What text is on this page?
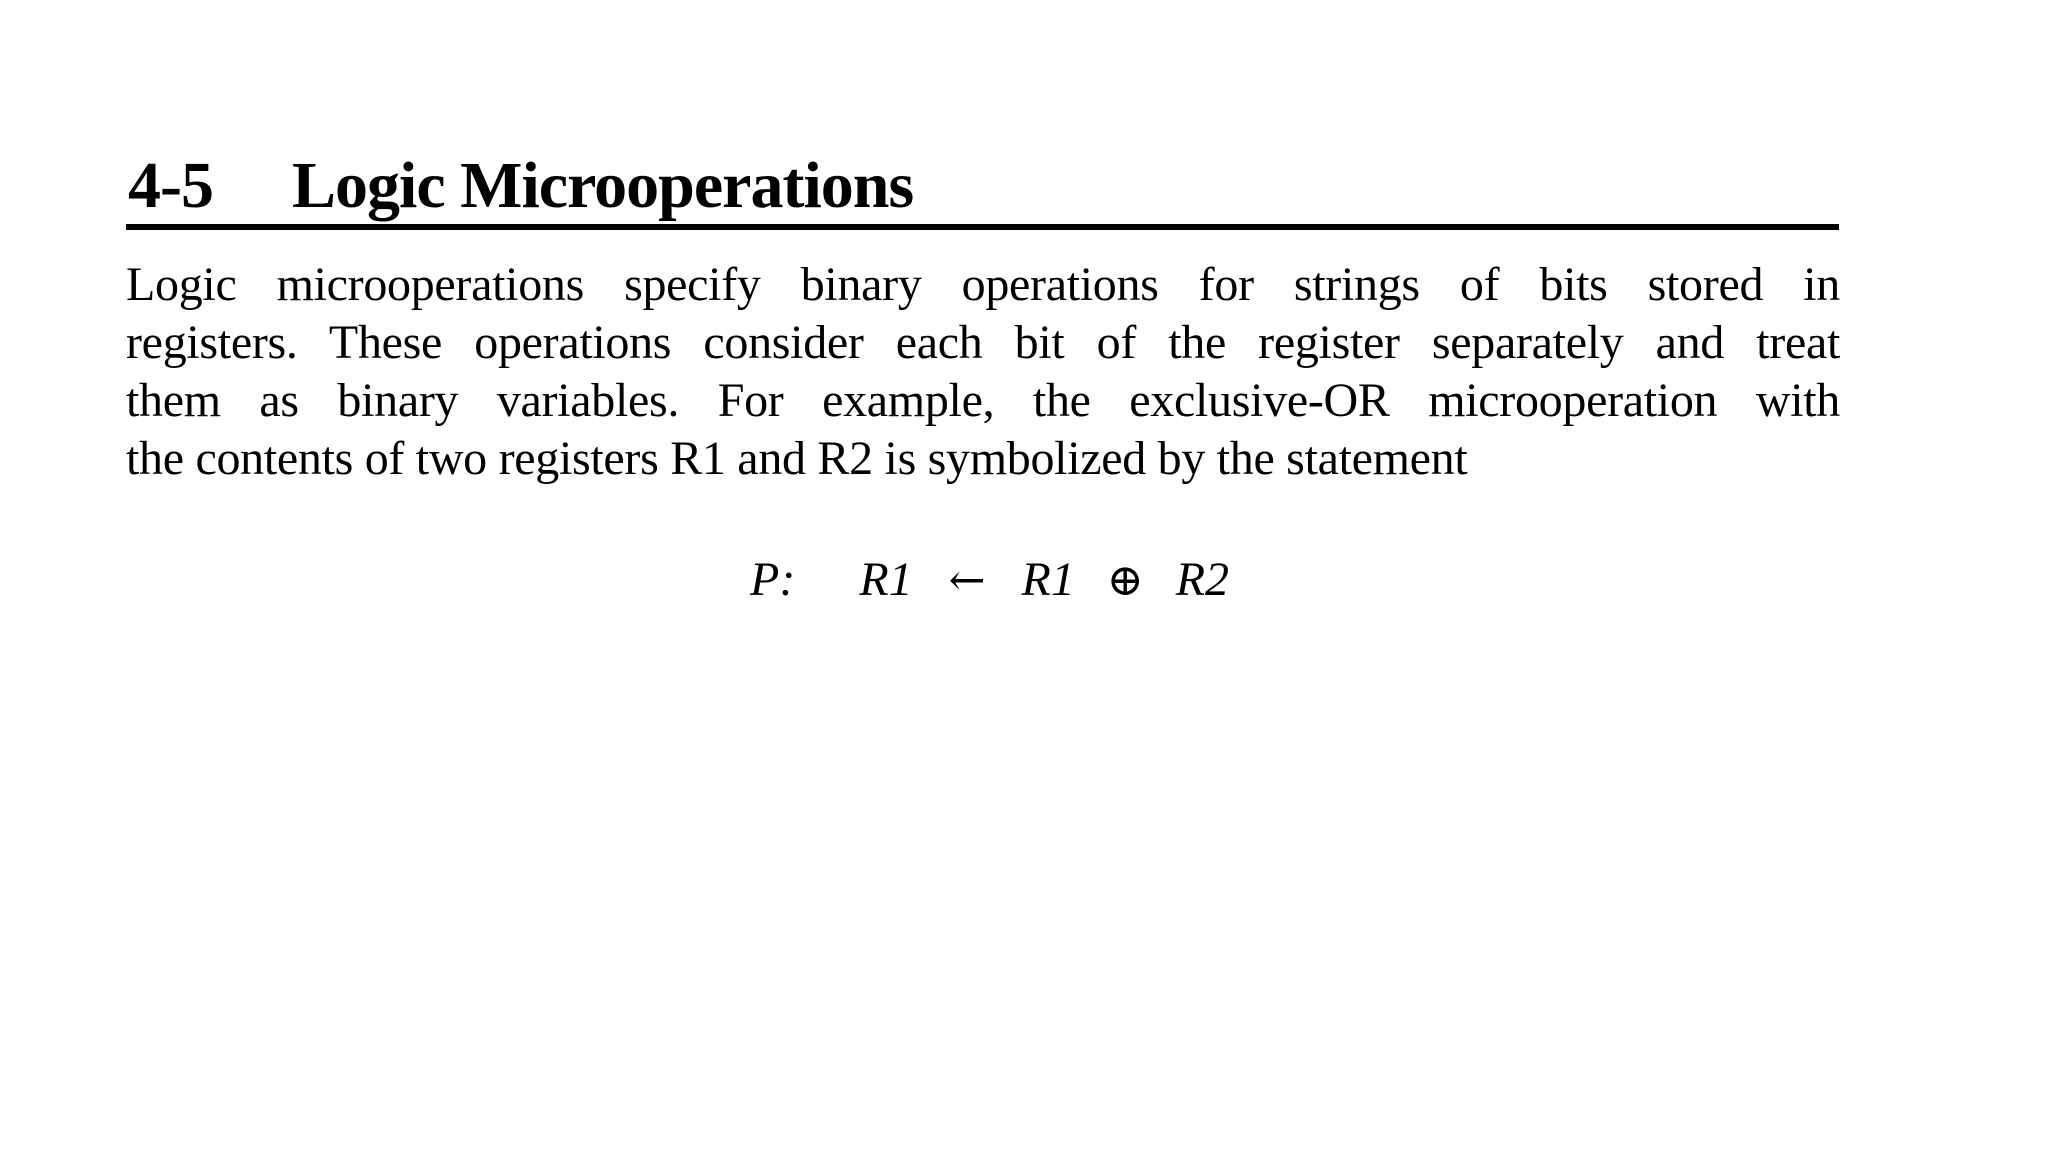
4-5 Logic Microoperations
Logic microoperations specify binary operations for strings of bits stored in
registers. These operations consider each bit of the register separately and treat
them as binary variables. For example, the exclusive-OR microoperation with
the contents of two registers R1 and R2 is symbolized by the statement
P: R1 ← R1 ⊕ R2
